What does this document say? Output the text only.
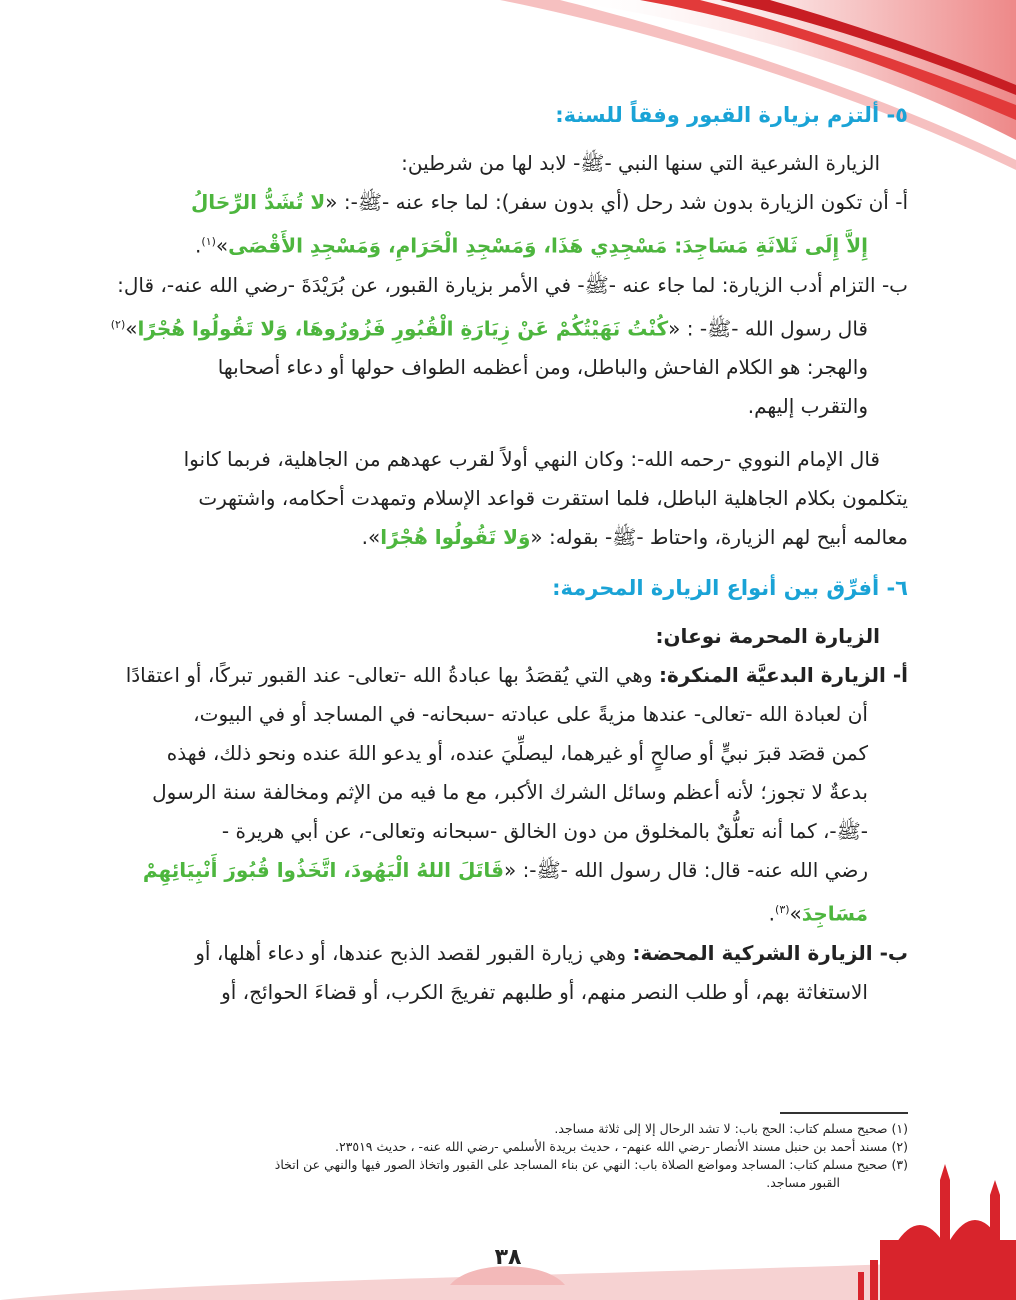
٥- ألتزم بزيارة القبور وفقاً للسنة:

الزيارة الشرعية التي سنها النبي -ﷺ- لابد لها من شرطين:

أ- أن تكون الزيارة بدون شد رحل (أي بدون سفر): لما جاء عنه -ﷺ-: «لا تُشَدُّ الرِّحَالُ

إِلاَّ إِلَى ثَلاثَةِ مَسَاجِدَ: مَسْجِدِي هَذَا، وَمَسْجِدِ الْحَرَامِ، وَمَسْجِدِ الأَقْصَى»$^{(١)}$.

ب- التزام أدب الزيارة: لما جاء عنه -ﷺ- في الأمر بزيارة القبور، عن بُرَيْدَةَ -رضي الله عنه-، قال:

قال رسول الله -ﷺ- : «كُنْتُ نَهَيْتُكُمْ عَنْ زِيَارَةِ الْقُبُورِ فَزُورُوهَا، وَلا تَقُولُوا هُجْرًا»$^{(٢)}$

والهجر: هو الكلام الفاحش والباطل، ومن أعظمه الطواف حولها أو دعاء أصحابها

والتقرب إليهم.

قال الإمام النووي -رحمه الله-: وكان النهي أولاً لقرب عهدهم من الجاهلية، فربما كانوا

يتكلمون بكلام الجاهلية الباطل، فلما استقرت قواعد الإسلام وتمهدت أحكامه، واشتهرت

معالمه أبيح لهم الزيارة، واحتاط -ﷺ- بقوله: «وَلا تَقُولُوا هُجْرًا».

٦- أفرِّق بين أنواع الزيارة المحرمة:

الزيارة المحرمة نوعان:

أ- الزيارة البدعيَّة المنكرة: وهي التي يُقصَدُ بها عبادةُ الله -تعالى- عند القبور تبركًا، أو اعتقادًا

أن لعبادة الله -تعالى- عندها مزيةً على عبادته -سبحانه- في المساجد أو في البيوت،

كمن قصَد قبرَ نبيٍّ أو صالحٍ أو غيرهما، ليصلِّيَ عنده، أو يدعو اللهَ عنده ونحو ذلك، فهذه

بدعةٌ لا تجوز؛ لأنه أعظم وسائل الشرك الأكبر، مع ما فيه من الإثم ومخالفة سنة الرسول

-ﷺ-، كما أنه تعلُّقٌ بالمخلوق من دون الخالق -سبحانه وتعالى-، عن أبي هريرة -

رضي الله عنه- قال: قال رسول الله -ﷺ-: «قَاتَلَ اللهُ الْيَهُودَ، اتَّخَذُوا قُبُورَ أَنْبِيَائِهِمْ مَسَاجِدَ»$^{(٣)}$.

ب- الزيارة الشركية المحضة: وهي زيارة القبور لقصد الذبح عندها، أو دعاء أهلها، أو

الاستغاثة بهم، أو طلب النصر منهم، أو طلبهم تفريجَ الكرب، أو قضاءَ الحوائج، أو

(١) صحيح مسلم كتاب: الحج باب: لا تشد الرحال إلا إلى ثلاثة مساجد.
(٢) مسند أحمد بن حنبل مسند الأنصار -رضي الله عنهم- ، حديث بريدة الأسلمي -رضي الله عنه- ، حديث ٢٣٥١٩.
(٣) صحيح مسلم كتاب: المساجد ومواضع الصلاة باب: النهي عن بناء المساجد على القبور واتخاذ الصور فيها والنهي عن اتخاذ
القبور مساجد.
٣٨
